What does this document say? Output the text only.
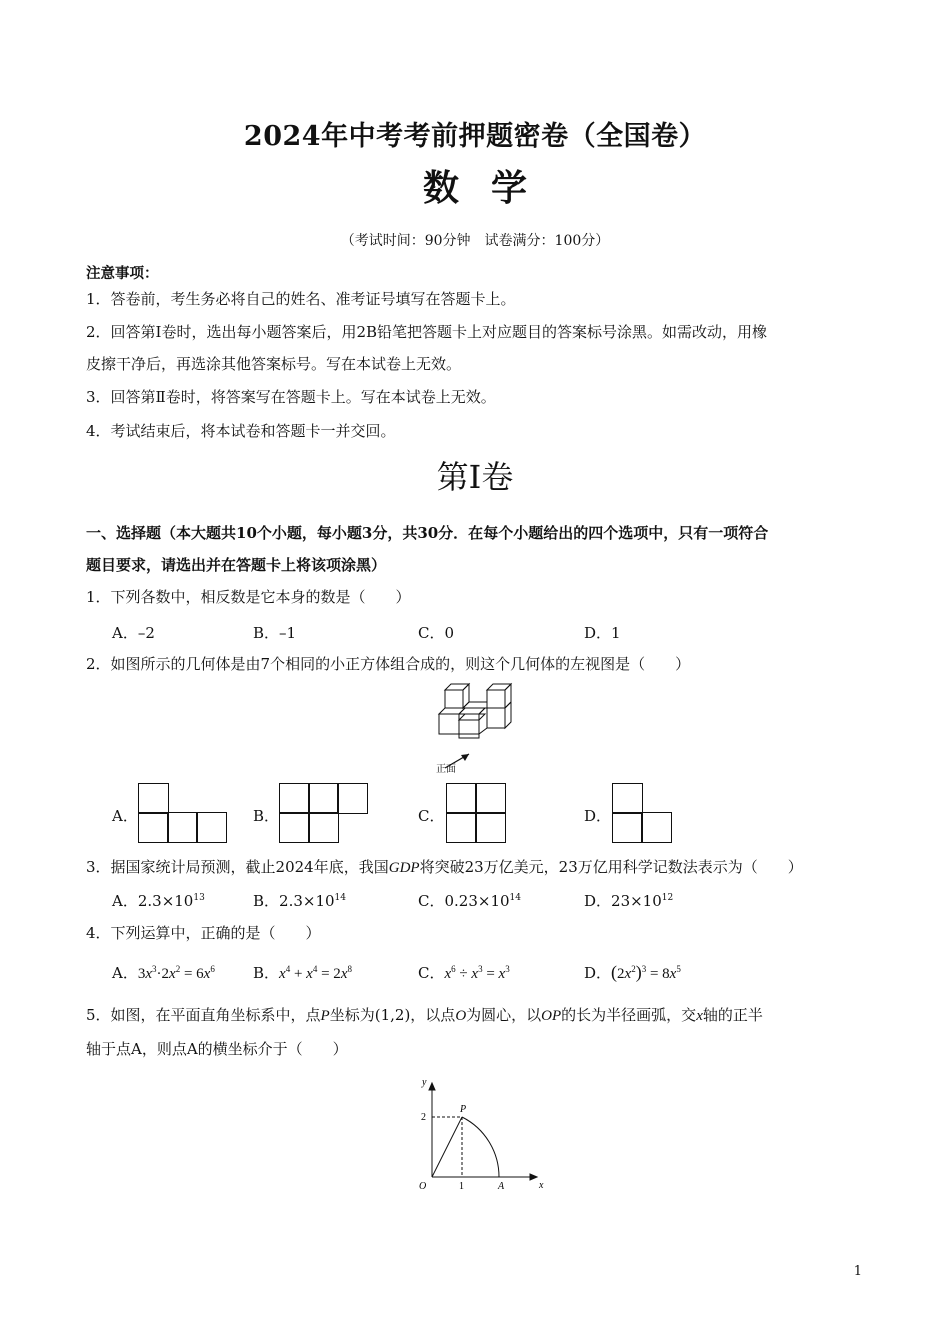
2024年中考考前押题密卷（全国卷）
数学
（考试时间：90分钟　试卷满分：100分）
注意事项：
1．答卷前，考生务必将自己的姓名、准考证号填写在答题卡上。
2．回答第Ⅰ卷时，选出每小题答案后，用2B铅笔把答题卡上对应题目的答案标号涂黑。如需改动，用橡
皮擦干净后，再选涂其他答案标号。写在本试卷上无效。
3．回答第Ⅱ卷时，将答案写在答题卡上。写在本试卷上无效。
4．考试结束后，将本试卷和答题卡一并交回。
第Ⅰ卷
一、选择题（本大题共10个小题，每小题3分，共30分．在每个小题给出的四个选项中，只有一项符合
题目要求，请选出并在答题卡上将该项涂黑）
1．下列各数中，相反数是它本身的数是（　　）
A．–2	B．–1	C．0	D．1
2．如图所示的几何体是由7个相同的小正方体组合成的，则这个几何体的左视图是（　　）
正面
A．	B．	C．	D．
3．据国家统计局预测，截止2024年底，我国GDP将突破23万亿美元，23万亿用科学记数法表示为（　　）
A．$2.3\times 10^{13}$	B．$2.3\times 10^{14}$	C．$0.23\times 10^{14}$	D．$23\times 10^{12}$
4．下列运算中，正确的是（　　）
A．$3x^3\cdot 2x^2 = 6x^6$	B．$x^4 + x^4 = 2x^8$	C．$x^6 \div x^3 = x^3$	D．$(2x^2)^3 = 8x^5$
5．如图，在平面直角坐标系中，点P坐标为(1,2)，以点O为圆心，以OP的长为半径画弧，交x轴的正半
轴于点A，则点A的横坐标介于（　　）
y
x
O
P
A
2
1
1
